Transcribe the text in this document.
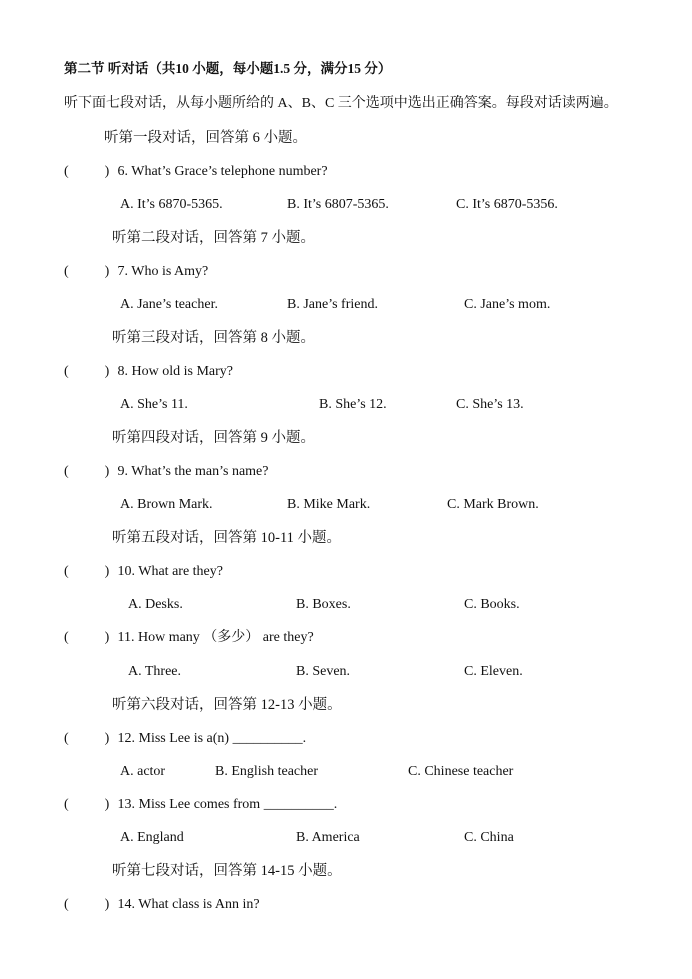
第二节 听对话（共10 小题，每小题1.5 分，满分15 分）
听下面七段对话，从每小题所给的 A、B、C 三个选项中选出正确答案。每段对话读两遍。
听第一段对话，回答第 6 小题。
(	) 6. What’s Grace’s telephone number?
A. It’s 6870-5365.	B. It’s 6807-5365.	C. It’s 6870-5356.
听第二段对话，回答第 7 小题。
(	) 7. Who is Amy?
A. Jane’s teacher.	B. Jane’s friend.	C. Jane’s mom.
听第三段对话，回答第 8 小题。
(	) 8. How old is Mary?
A. She’s 11.	B. She’s 12.	C. She’s 13.
听第四段对话，回答第 9 小题。
(	) 9. What’s the man’s name?
A. Brown Mark.	B. Mike Mark.	C. Mark Brown.
听第五段对话，回答第 10-11 小题。
(	) 10. What are they?
A. Desks.	B. Boxes.	C. Books.
(	) 11. How many （多少） are they?
A. Three.	B. Seven.	C. Eleven.
听第六段对话，回答第 12-13 小题。
(	) 12. Miss Lee is a(n) __________.
A. actor	B. English teacher	C. Chinese teacher
(	) 13. Miss Lee comes from __________.
A. England	B. America	C. China
听第七段对话，回答第 14-15 小题。
(	) 14. What class is Ann in?
